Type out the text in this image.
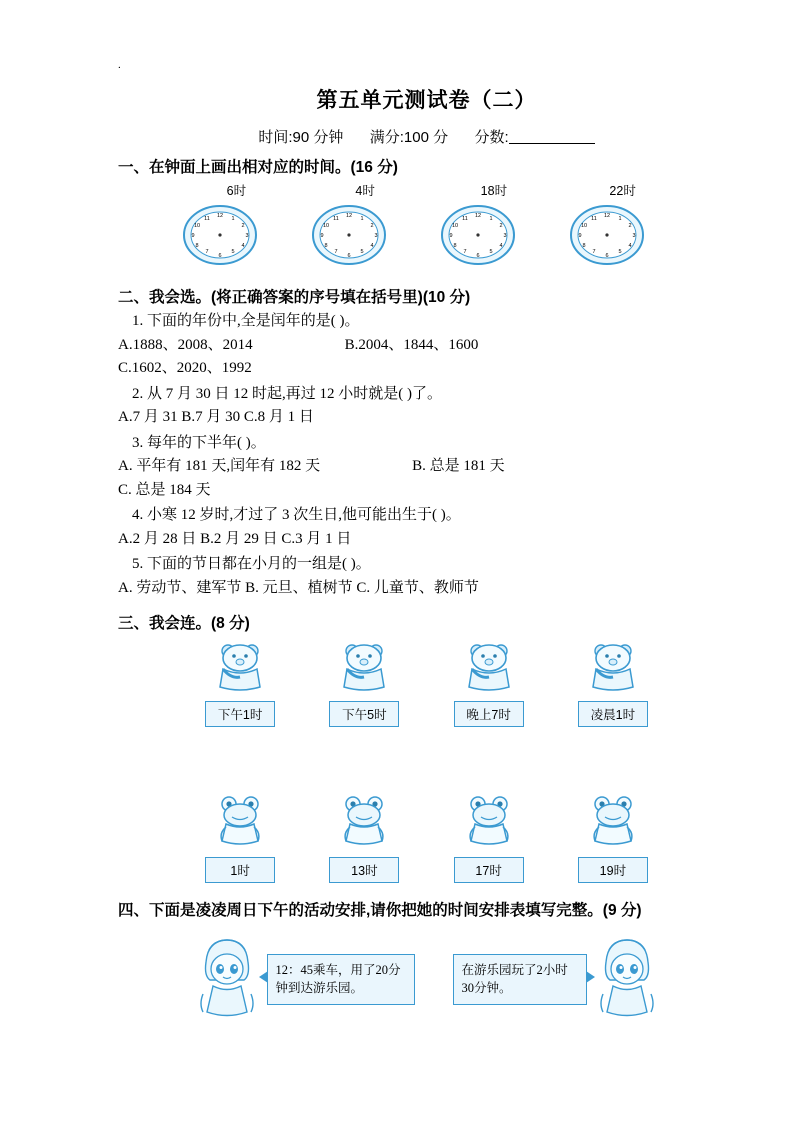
.
第五单元测试卷（二）
时间:90 分钟 满分:100 分 分数:
一、在钟面上画出相对应的时间。(16 分)
6时
12 1
2
3
4
5
6
7
8
9
10
11
4时
12 1
2
3
4
5
6
7
8
9
10
11
18时
12 1
2
3
4
5
6
7
8
9
10
11
22时
12 1
2
3
4
5
6
7
8
9
10
11
二、我会选。(将正确答案的序号填在括号里)(10 分)
1. 下面的年份中,全是闰年的是( )。
A.1888、2008、2014	B.2004、1844、1600
C.1602、2020、1992
2. 从 7 月 30 日 12 时起,再过 12 小时就是( )了。
A.7 月 31 B.7 月 30 C.8 月 1 日
3. 每年的下半年( )。
A. 平年有 181 天,闰年有 182 天	B. 总是 181 天
C. 总是 184 天
4. 小寒 12 岁时,才过了 3 次生日,他可能出生于( )。
A.2 月 28 日 B.2 月 29 日 C.3 月 1 日
5. 下面的节日都在小月的一组是( )。
A. 劳动节、建军节 B. 元旦、植树节 C. 儿童节、教师节
三、我会连。(8 分)
下午1时	下午5时	晚上7时	凌晨1时
1时	13时	17时	19时
四、下面是凌凌周日下午的活动安排,请你把她的时间安排表填写完整。(9 分)
12：45乘车，用了20分钟到达游乐园。
在游乐园玩了2小时30分钟。
